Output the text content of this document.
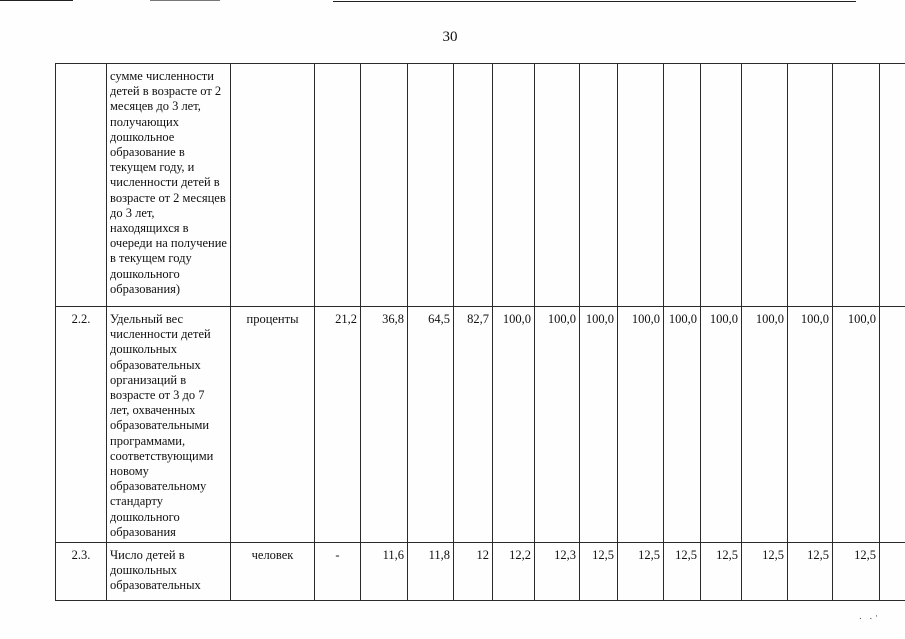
30
	сумме численности детей в возрасте от 2 месяцев до 3 лет, получающих дошкольное образование в текущем году, и численности детей в возрасте от 2 месяцев до 3 лет, находящихся в очереди на получение в текущем году дошкольного образования)															
2.2.	Удельный вес численности детей дошкольных образовательных организаций в возрасте от 3 до 7 лет, охваченных образовательными программами, соответствующими новому образовательному стандарту дошкольного образования	проценты	21,2	36,8	64,5	82,7	100,0	100,0	100,0	100,0	100,0	100,0	100,0	100,0	100,0	
2.3.	Число детей в дошкольных образовательных	человек	-	11,6	11,8	12	12,2	12,3	12,5	12,5	12,5	12,5	12,5	12,5	12,5	
. .·
